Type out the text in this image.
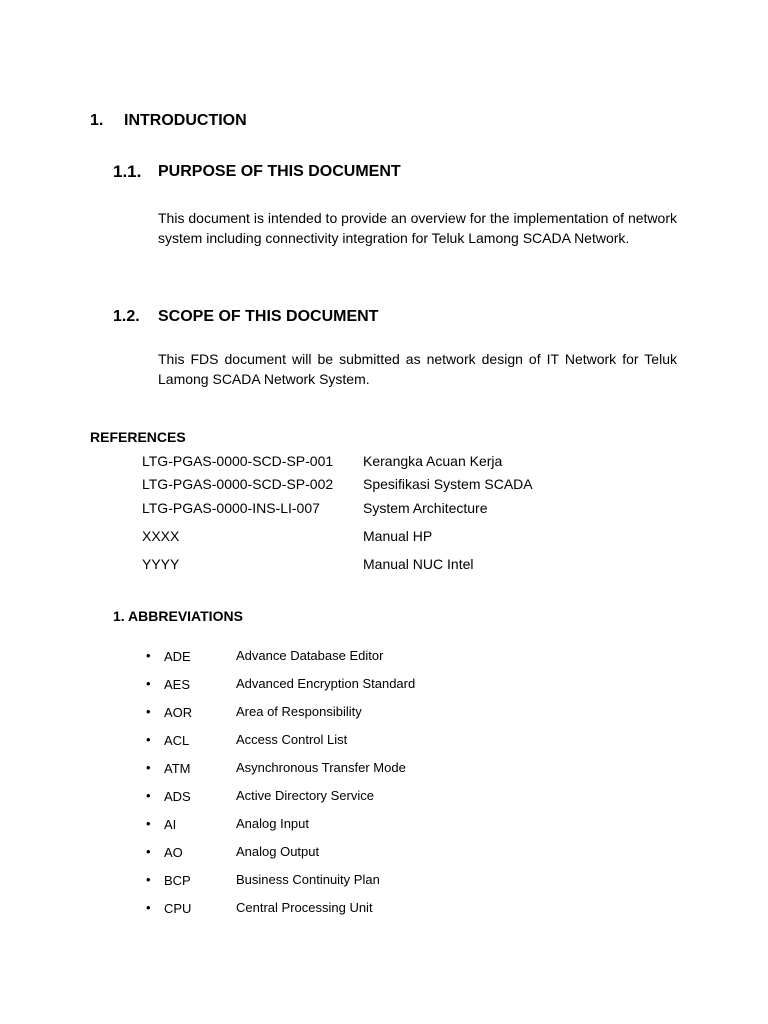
1. INTRODUCTION
1.1. PURPOSE OF THIS DOCUMENT
This document is intended to provide an overview for the implementation of network system including connectivity integration for Teluk Lamong SCADA Network.
1.2. SCOPE OF THIS DOCUMENT
This FDS document will be submitted as network design of IT Network for Teluk Lamong SCADA Network System.
REFERENCES
LTG-PGAS-0000-SCD-SP-001 Kerangka Acuan Kerja
LTG-PGAS-0000-SCD-SP-002 Spesifikasi System SCADA
LTG-PGAS-0000-INS-LI-007	System Architecture
XXXX	Manual HP
YYYY	Manual NUC Intel
1. ABBREVIATIONS
• ADE	Advance Database Editor
• AES	Advanced Encryption Standard
• AOR	Area of Responsibility
• ACL	Access Control List
• ATM	Asynchronous Transfer Mode
• ADS	Active Directory Service
• AI	Analog Input
• AO	Analog Output
• BCP	Business Continuity Plan
• CPU	Central Processing Unit
